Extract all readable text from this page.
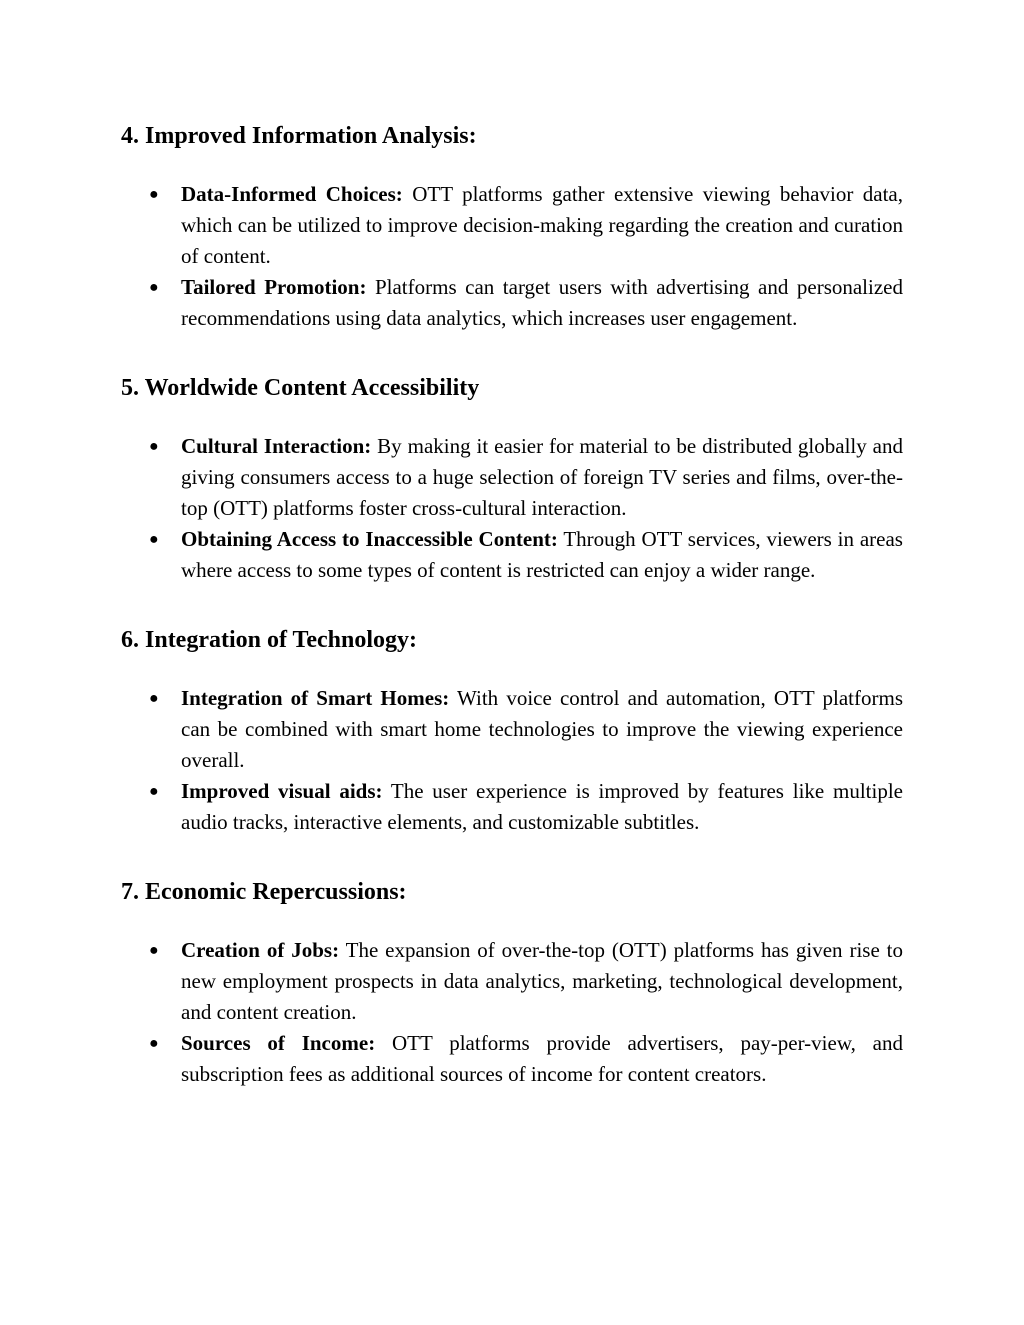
4. Improved Information Analysis:
● Data-Informed Choices: OTT platforms gather extensive viewing behavior data, which can be utilized to improve decision-making regarding the creation and curation of content.
● Tailored Promotion: Platforms can target users with advertising and personalized recommendations using data analytics, which increases user engagement.
5. Worldwide Content Accessibility
● Cultural Interaction: By making it easier for material to be distributed globally and giving consumers access to a huge selection of foreign TV series and films, over-the-top (OTT) platforms foster cross-cultural interaction.
● Obtaining Access to Inaccessible Content: Through OTT services, viewers in areas where access to some types of content is restricted can enjoy a wider range.
6. Integration of Technology:
● Integration of Smart Homes: With voice control and automation, OTT platforms can be combined with smart home technologies to improve the viewing experience overall.
● Improved visual aids: The user experience is improved by features like multiple audio tracks, interactive elements, and customizable subtitles.
7. Economic Repercussions:
● Creation of Jobs: The expansion of over-the-top (OTT) platforms has given rise to new employment prospects in data analytics, marketing, technological development, and content creation.
● Sources of Income: OTT platforms provide advertisers, pay-per-view, and subscription fees as additional sources of income for content creators.
